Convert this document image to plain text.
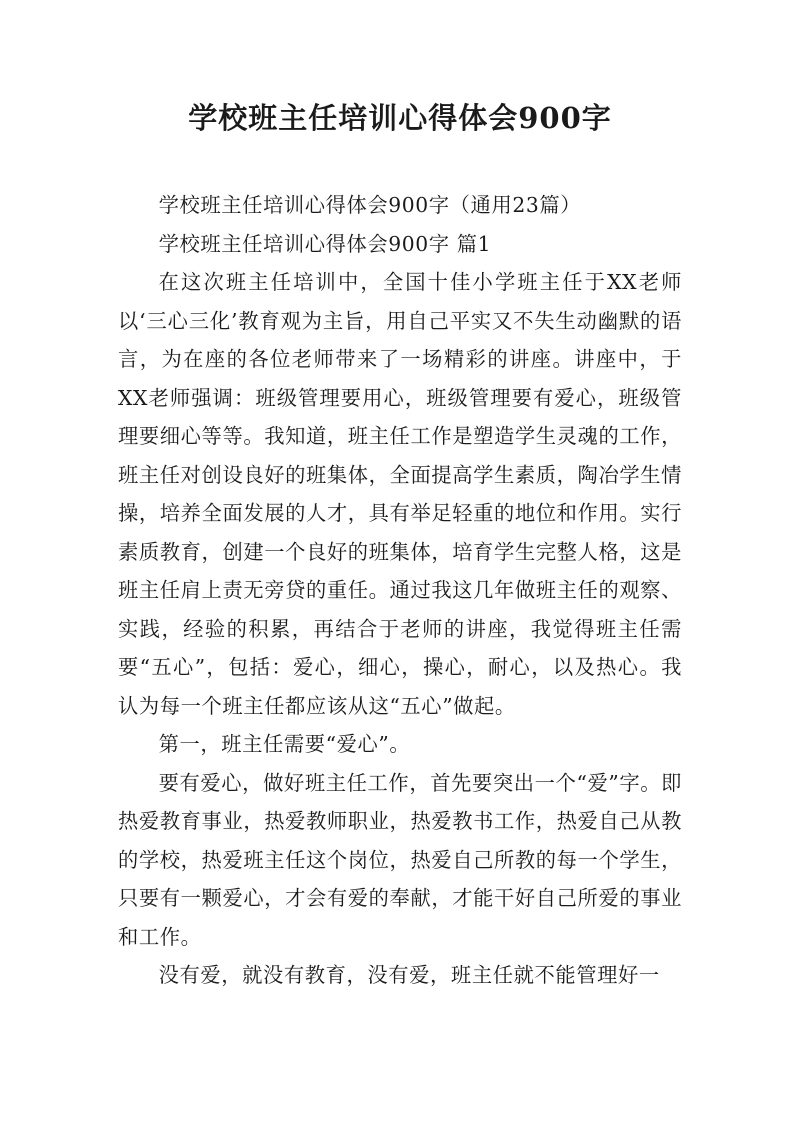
学校班主任培训心得体会900字

学校班主任培训心得体会900字（通用23篇）

学校班主任培训心得体会900字 篇1

在这次班主任培训中，全国十佳小学班主任于XX老师以‘三心三化’教育观为主旨，用自己平实又不失生动幽默的语言，为在座的各位老师带来了一场精彩的讲座。讲座中，于XX老师强调：班级管理要用心，班级管理要有爱心，班级管理要细心等等。我知道，班主任工作是塑造学生灵魂的工作，班主任对创设良好的班集体，全面提高学生素质，陶冶学生情操，培养全面发展的人才，具有举足轻重的地位和作用。实行素质教育，创建一个良好的班集体，培育学生完整人格，这是班主任肩上责无旁贷的重任。通过我这几年做班主任的观察、实践，经验的积累，再结合于老师的讲座，我觉得班主任需要“五心”，包括：爱心，细心，操心，耐心，以及热心。我认为每一个班主任都应该从这“五心”做起。

第一，班主任需要“爱心”。

要有爱心，做好班主任工作，首先要突出一个“爱”字。即热爱教育事业，热爱教师职业，热爱教书工作，热爱自己从教的学校，热爱班主任这个岗位，热爱自己所教的每一个学生，只要有一颗爱心，才会有爱的奉献，才能干好自己所爱的事业和工作。

没有爱，就没有教育，没有爱，班主任就不能管理好一
